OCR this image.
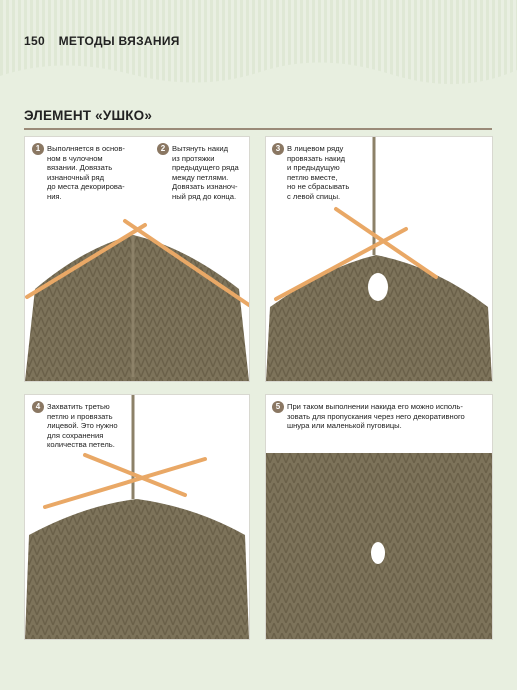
150 МЕТОДЫ ВЯЗАНИЯ
ЭЛЕМЕНТ «УШКО»
1 Выполняется в основ-
ном в чулочном
вязании. Довязать
изнаночный ряд
до места декорирова-
ния.
2 Вытянуть накид
из протяжки
предыдущего ряда
между петлями.
Довязать изнаноч-
ный ряд до конца.
3 В лицевом ряду
провязать накид
и предыдущую
петлю вместе,
но не сбрасывать
с левой спицы.
4 Захватить третью
петлю и провязать
лицевой. Это нужно
для сохранения
количества петель.
5 При таком выполнении накида его можно исполь-
зовать для пропускания через него декоративного
шнура или маленькой пуговицы.
